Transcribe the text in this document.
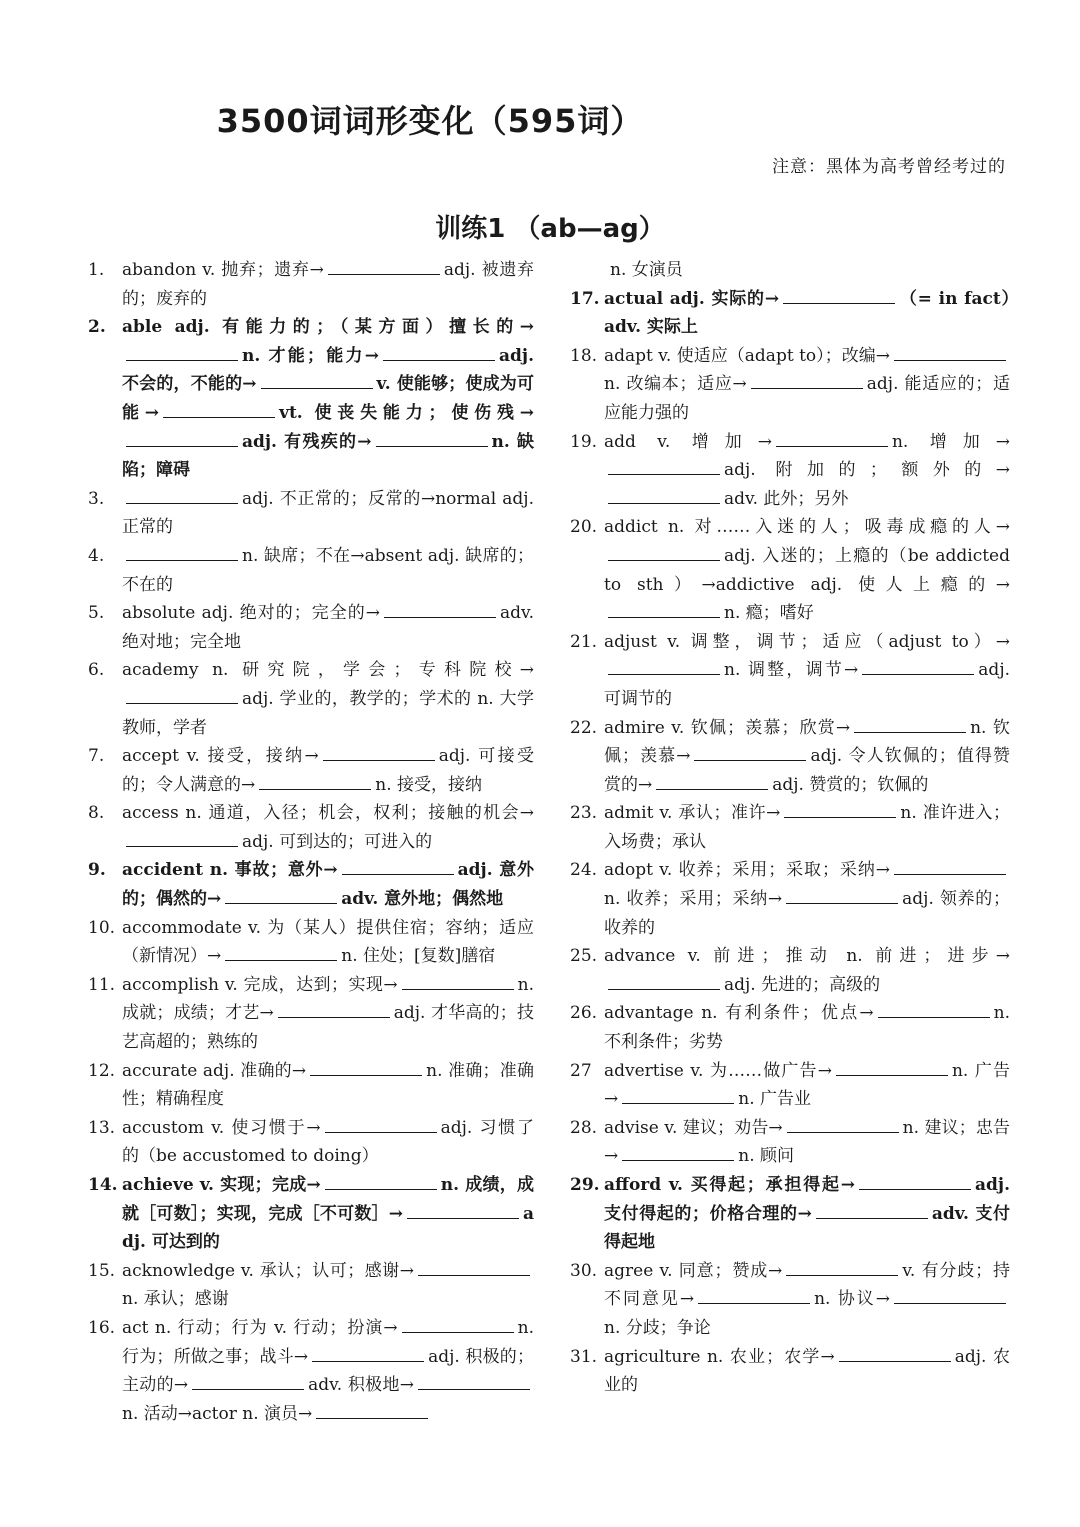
3500词词形变化（595词）
注意：黑体为高考曾经考过的
训练1 （ab—ag）

1. abandon v. 抛弃；遗弃→	adj. 被遗弃的；废弃的

2. able adj. 有能力的；（某方面）擅长的→n. 才能；能力→	adj. 不会的，不能的→	v. 使能够；使成为可能→	vt. 使丧失能力；使伤残→adj. 有残疾的→	n. 缺陷；障碍

3.	adj. 不正常的；反常的→normal adj. 正常的

4.	n. 缺席；不在→absent adj. 缺席的；不在的

5. absolute adj. 绝对的；完全的→	adv. 绝对地；完全地

6. academy n. 研究院，学会；专科院校→adj. 学业的，教学的；学术的 n. 大学教师，学者

7. accept v. 接受，接纳→	adj. 可接受的；令人满意的→	n. 接受，接纳

8. access n. 通道，入径；机会，权利；接触的机会→adj. 可到达的；可进入的

9. accident n. 事故；意外→	adj. 意外的；偶然的→	adv. 意外地；偶然地

10. accommodate v. 为（某人）提供住宿；容纳；适应（新情况）→	n. 住处；[复数]膳宿

11. accomplish v. 完成，达到；实现→	n. 成就；成绩；才艺→	adj. 才华高的；技艺高超的；熟练的

12. accurate adj. 准确的→	n. 准确；准确性；精确程度

13. accustom v. 使习惯于→	adj. 习惯了的（be accustomed to doing）

14. achieve v. 实现；完成→	n. 成绩，成就［可数］；实现，完成［不可数］→	adj. 可达到的

15. acknowledge v. 承认；认可；感谢→n. 承认；感谢

16. act n. 行动；行为 v. 行动；扮演→	n. 行为；所做之事；战斗→	adj. 积极的；主动的→	adv. 积极地→n. 活动→actor n. 演员→

n. 女演员

17. actual adj. 实际的→	（= in fact）adv. 实际上

18. adapt v. 使适应（adapt to）；改编→n. 改编本；适应→	adj. 能适应的；适应能力强的

19. add v. 增加→	n. 增加→adj. 附加的；额外的→adv. 此外；另外

20. addict n. 对……入迷的人；吸毒成瘾的人→adj. 入迷的；上瘾的（be addicted to sth）→addictive adj. 使人上瘾的→n. 瘾；嗜好

21. adjust v. 调整，调节；适应（adjust to）→n. 调整，调节→	adj. 可调节的

22. admire v. 钦佩；羡慕；欣赏→	n. 钦佩；羡慕→	adj. 令人钦佩的；值得赞赏的→	adj. 赞赏的；钦佩的

23. admit v. 承认；准许→	n. 准许进入；入场费；承认

24. adopt v. 收养；采用；采取；采纳→n. 收养；采用；采纳→	adj. 领养的；收养的

25. advance v. 前进；推动 n. 前进；进步→adj. 先进的；高级的

26. advantage n. 有利条件；优点→	n. 不利条件；劣势

27 advertise v. 为……做广告→	n. 广告→	n. 广告业

28. advise v. 建议；劝告→	n. 建议；忠告→	n. 顾问

29. afford v. 买得起；承担得起→	adj. 支付得起的；价格合理的→	adv. 支付得起地

30. agree v. 同意；赞成→	v. 有分歧；持不同意见→	n. 协议→n. 分歧；争论

31. agriculture n. 农业；农学→	adj. 农业的
